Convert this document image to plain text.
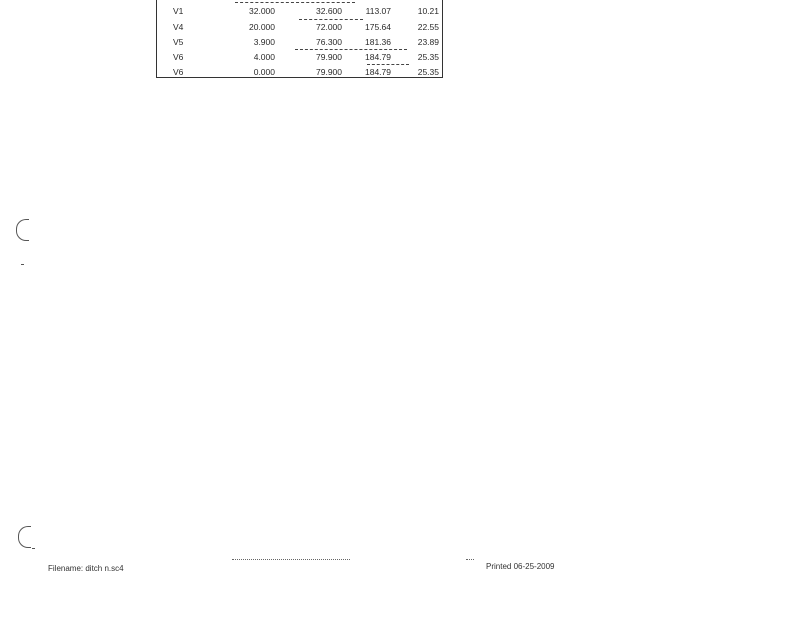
V1	32.000	32.600	113.07	10.21
V4	20.000	72.000	175.64	22.55
V5	3.900	76.300	181.36	23.89
V6	4.000	79.900	184.79	25.35
V6	0.000	79.900	184.79	25.35
Filename: ditch n.sc4	Printed 06-25-2009
